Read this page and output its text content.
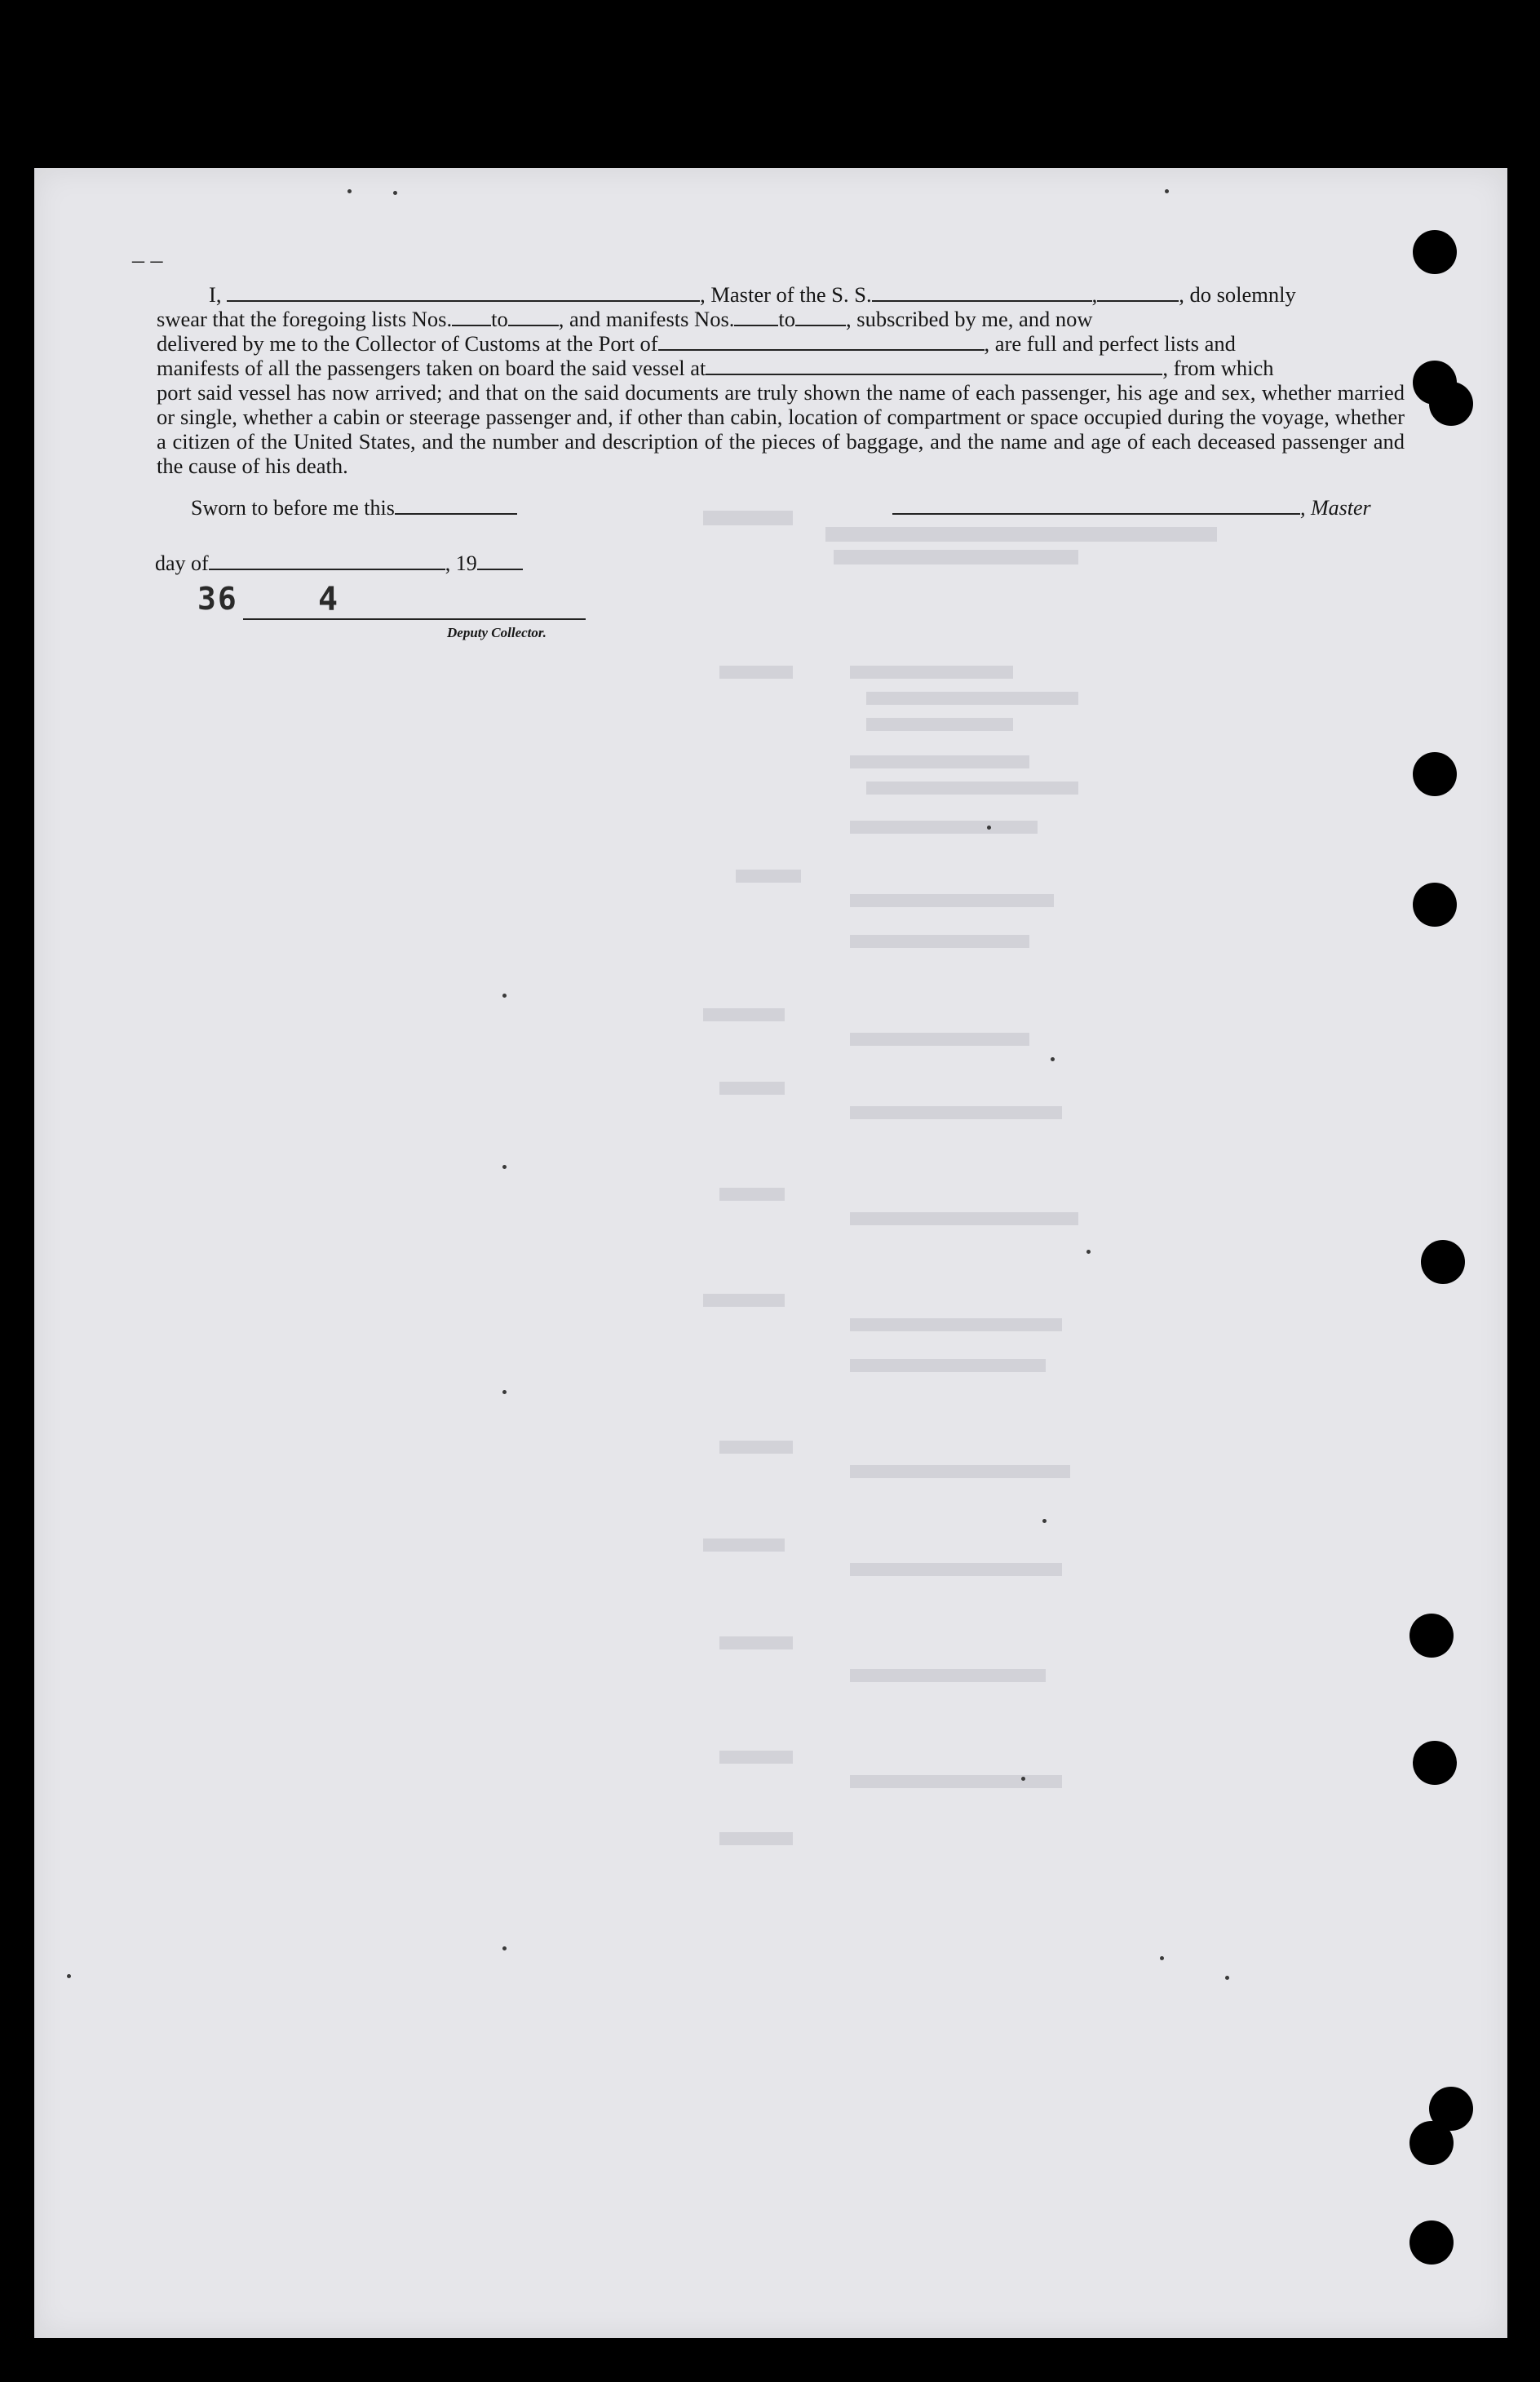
– –

I,	, Master of the S. S.	,	, do solemnly

swear that the foregoing lists Nos. to , and manifests Nos. to , subscribed by me, and now
delivered by me to the Collector of Customs at the Port of	, are full and perfect lists and
manifests of all the passengers taken on board the said vessel at	, from which
port said vessel has now arrived; and that on the said documents are truly shown the name of each passenger, his age and sex, whether married or single, whether a cabin or steerage passenger and, if other than cabin, location of compartment or space occupied during the voyage, whether a citizen of the United States, and the number and description of the pieces of baggage, and the name and age of each deceased passenger and the cause of his death.
Sworn to before me this	, Master
day of	, 19
36 4
Deputy Collector.
